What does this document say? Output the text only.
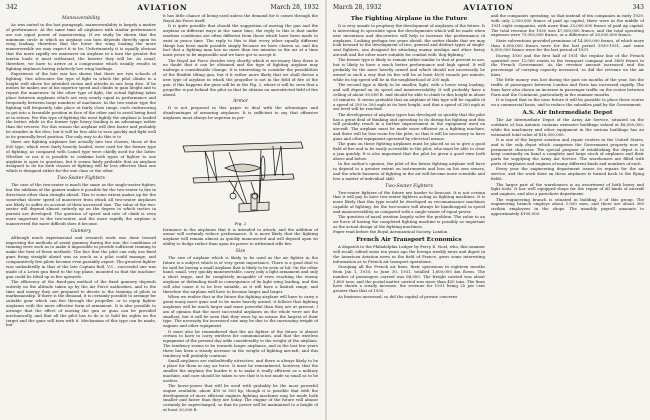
342	AVIATION	March 28, 1932
Maneuverability

As was stated in the last paragraph, maneuverability is largely a matter of performance. At the same time all airplanes with similar performance are not equal power of maneuvering. If we study be shown that the minimum circle in which an airplane can turn depends directly upon its wing loading, therefore that the lower the wing loading the more maneuverable we may expect it to be. Unfortunately it is equally obvious that the more rapidly we maneuver an airplane in a turn the greater the inertia loads it must withstand, the heavier they will be. As usual, therefore, we have to arrive at a compromise which usually results in fighting airplanes having relatively low wing loadings.

Experience of the late war has shown that there are two schools of fighting. One advocates the type of fight in which the pilot climbs to a height well above his intended victim and attacks in one long dive. If he misses he makes use of his superior speed and climbs to gain height and to repeat the maneuver. In the other type of fight, the actual fighting takes place between airplanes which are very nearly equal in performance and frequently between large numbers of machines. In the two-seater type the fighting will frequently take place at fairly close range, each endeavoring to get into a favorable position in face of the other and to avoid being fired at in return. For this type of fighting the most lightly the airplane is loaded the better, while in the former type heavy loading is an advantage rather than the reverse. For this reason the airplane will dive faster and probably be steadier in the dive, but it will be less able to turn quickly and fight well in its generally-level position. The only way to do this is to

there are fighting airplanes but actually into two classes, those of the 600 type, which were fairly heavily loaded, were used for the former type of fighting, as compared with Camel type were chiefly used for the latter. Whether or not it is possible to combine both types of fighter to one airplane is open to question, but it seems fairly probable that an airplane designed to do for both classes of fighting will be less effective than one which is designed either for the one class or the other.

Two-Seater Fighters

The case of the two-seater is much the same as the single-seater fighter, but the addition of the gunner makes it possible for the two-seater to fire in directions other than straight ahead. This to some extent makes up for the somewhat slower speed of maneuver from which all two-seater airplanes are likely to suffer on account of their increased size. The value of the two-seater will depend almost entirely up on the degree to which tactics in pursuit are developed. The question of speed and rate of climb is even more important to the two-seater, and the more rapidly the airplane is maneuvered the more difficult does it become.

Gunnery

Although much experimental and research work was done toward improving the methods of aerial gunnery during the war, the conditions of training were such as to make it impossible to provide sufficient training to make the best of these methods. The fact that the pilot can only use fixed guns firing straight ahead was as much as a pilot could manage, and comparatively few pilots became even passably expert. The greatest fighter was undoubtedly in that of the late Captain Ball, V.C., successful one was made of a Lewis gun fixed to the top plane, mounted so that the machine-gun could be tilted up to fire upwards.

The efficiency of the fixed-gun method of the fixed gunnery depends entirely on the altitude taken up by the Air Force authorities, and to the time and energy they are prepared to devote to the training of pilots in marksmanship. If there is the demand, it is certainly possible to arrange for suitable gear which can fire through the propeller, or to equip fighter airplanes with the more effective form of armament. It is also possible to arrange that the effect of moving the gun or guns can be provided mechanically, and that all the pilot has to do is to hold his sights on the target and the guns will turn with it. Mechanism of this type can be made, but

it has little chance of being used unless the demand for it comes through the Royal Air Force itself.

It is quite possible that should the suggestion of moving the gun and the airplane in different ways at the same time, the reply to this is that under wartime conditions are often different from those which have been made to exist in peace time. The reply to this is that every other equally different things has been made possible simply because we have chosen so, and the fact that a fighting man has no more than ten minutes in the air at a time must prove to be impossible and we have got to accept it.

The Royal Air Force decides very shortly which is necessary then there is no doubt that it can be obtained and the type of fighting airplane may undergo a considerable change. It is interesting to consider the possibilities of the flexible tilting gun, but if it rather more likely that we shall devise a new type of airplane in which the propeller is not in the field of fire of the gun, if this happens the guns will be in the Fig. 2, where it will be seen that a propeller is put behind the pilot so that he obtains an unrestricted field of fire ahead.

Armor

It is not proposed in this paper to deal with the advantages and disadvantages of armoring airplanes. It is sufficient to say that offensive airplanes must always be superior in per-

Fig. 2

formance to the airplanes that it is intended to attack, and the addition of armor will certainly reduce performance. It is more likely that the fighting airplane will remain almost as quickly maneuvered and will depend upon its ability to dodge rather than upon its power to withstand rifle fire.

Size

The size of airplane which is likely to be used as the air fighter in the future is a subject which is of very great importance. There is a good deal to be said for having a small airplane that is likely to be seen or hit. On the other hand, small, very quickly maneuverable, carry only a light armament and only a short range, and be completely incapable of even reaching the enemy airplane or defending itself in consequence of its light wing loading, and this will also cause it to be less suitable, as it will have a limited range, and therefore the airplane will have to become larger and larger.

When we realize that in the future the fighting airplane will have to carry a great many more guns and to be more heavily armed, it follows that fighting airplanes will be much larger and more powerful than they are at present. I am of opinion that the most successful airplanes on the whole were not the smallest, but it will be seen that they were by no means the largest of their type. The necessity for increased size may be due to the increasing weight of engines and other equipment.

It must also be remembered that the air fighter of the future is almost certain to have to carry wireless for communication, and that the wireless equipment of the present day adds considerably to the weight of the airplane. The tendency seems to be towards larger airplanes, and in the last few years there has been a steady increase in the weight of fighting aircraft, and this tendency will probably continue.

Small airplanes are undoubtedly attractive, and there is always likely to be a place for them in any air force. It must be remembered, however, that the smaller the airplane the harder it is to make it really efficient as a military machine, and care should be taken to see that it is not made so small as to be useless.

The horse-power that will be used with probably be the most powerful engine available, about 450 to 500 hp, though it is possible that with the development of more efficient engines fighting machines may be made both smaller and faster than they are today. The engine of the future will almost certainly be supercharged, so that its power will be maintained to a height of at least 20,000 ft.

March 28, 1932	AVIATION	343
The Fighting Airplane in the Future

It is very unsafe to prophesy the development of airplanes of the future. It is interesting to speculate upon the developments which will be made when new inventions and discoveries will help to increase the performance of airplanes. Looking perhaps ten years ahead, the writer thinks that we may look forward to the development of two, general and distinct types of single-seat fighters, one designed for attacking enemy airships and other heavy aircraft and the other more suitable for combat with 'dog fighting.'

The former type is likely to remain rather similar to that at present in use, but is likely to have a much better performance and high speed. It will probably be the more heavily armed and which should not necessarily be armed in such a way that its fire will be at least 4000 rounds per minute, while its top speed will be in the neighborhood of 200 mph.

The second type is likely to be smaller, light, with a lower wing loading, and will depend on its speed and maneuverability. It will probably have a ceiling of about 30,000 ft. and should be able to climb to this height in about 20 minutes. It seems probable that an airplane of this type will be capable of a speed of 250 to 300 mph at its best height, and that a speed of 200 mph at sea level will be reached.

The development of airplane types has developed so quickly that the pilot has a great deal of thinking and operating to do during his fighting and this will probably result in a further improvement in the equipment used on aircraft. The airplane must be made more efficient as a fighting machine, and there will be less room for the pilot, so that it will be necessary to have guns and other equipment operated by electrical means.

The guns on these fighting airplanes must be placed so as to give a good field of fire and to be easily accessible to the pilot, who must be able to clear a jam quickly. It is also important that the pilot be given a good view both above and below.

In the author's opinion, the pilot of the future fighting airplane will have to depend to a greater extent on instruments and less on his own senses, and the whole business of fighting in the air will become more scientific and less a matter of individual skill.

Two-Seater Fighters

Two-seater fighters of the future are harder to forecast. It is not certain that it will pay to have two-seater fighters acting as fighting machines. It is more likely that this type would be developed as reconnaissance machines capable of fighting, for the two-seater will always be handicapped in speed and maneuverability as compared with a single-seater of equal power.

The question of naval aviation largely solve the problem. The value to an air force of having the completed fighting machine is possibly as important as the actual design of the fighting machines.

Paper read before the Royal Aeronautical Society, London

French Air Transport Economics

A dispatch to the Philadelphia Ledger by Percy E. Noel, who, this summer will recall, edited some ten years ago the foreign weekly news and digest in the American Aviation news in the field of France, gives some interesting information as to French air transport operations.

Grouping all the French air lines, their operations in eighteen months from Jan 1, 1930, to June 30, 1931, totalled 1,600,000 km flown. The number of passengers carried was 88,000. The freight carried was about 1,600 tons, and the postal matter carried was more than 450 tons. The lines have shown a steady increase, the revenue for 1931 being 25 per cent greater than that of 1930.

As business increased, so did the capital of private concerns

and the companies operating, so that instead of ten companies in early 1929, with only 2,500,000 francs of paid up capital, there were in the middle of 1931 eight companies, with more than 25,000,000 francs of paid up capital. The total revenue for 1930 was 47,000,000 francs, and the total operating expenses were 75,000,000 francs, or a difference of 28,000,000 francs.

State subventions provided premiums of 14,000,000 francs, of which more than 6,000,000 francs were for the last period 1930-1931, and some 8,000,000 francs were for the last period of 1931.

During 1930 and the first half of 1931 the regular line of the French operated over 12,000 routes in the transport company and 3600 francs to the French Government. As the revenue amount increased and the percentage of carrying capacity increased, so did the revenue on the air lines.

The little money was lost during the past six months of the year, but the traffic of passengers between London and Paris has increased rapidly. The lines have also shown an increase in passenger traffic on the routes between Paris and the Continent, particularly in the summer months.

It is hoped that in the near future it will be possible to place these routes on a commercial basis, and to reduce the subsidies paid by the Government.

A.S. Air Intermediate Depot

The Air Intermediate Depot of the Army Air Service, situated on the outskirts of San Antonio contains extensive buildings valued at $8,000,000, while the machinery and other equipment in the various buildings has an estimated total value of $16,000,000.

It is one of the largest aviation and repair centers in the United States, and is the only depot which comprises the Government property now in permanent character. The special purpose of establishing the depot is to keep constantly on hand a complete and large stock of airplanes and their parts for supplying the Army Air Service. The warehouses are filled with parts of airplanes and engines of many different kinds and numbers of each.

Every year the engineering department issues its repairs for the air service, and the work done on these airplanes is turned back to the flying fields.

The larger part of the warehouses is an assortment of both heavy and light tools. It has well equipped shops for the repair of all kinds of aircraft and engines, and also a parachute department.

The engineering branch is situated in building 3 of this group. The engineering branch employs about 1,000 men, and there are about 300 civilian employees in the shops. The monthly payroll amounts to approximately $100,000.
